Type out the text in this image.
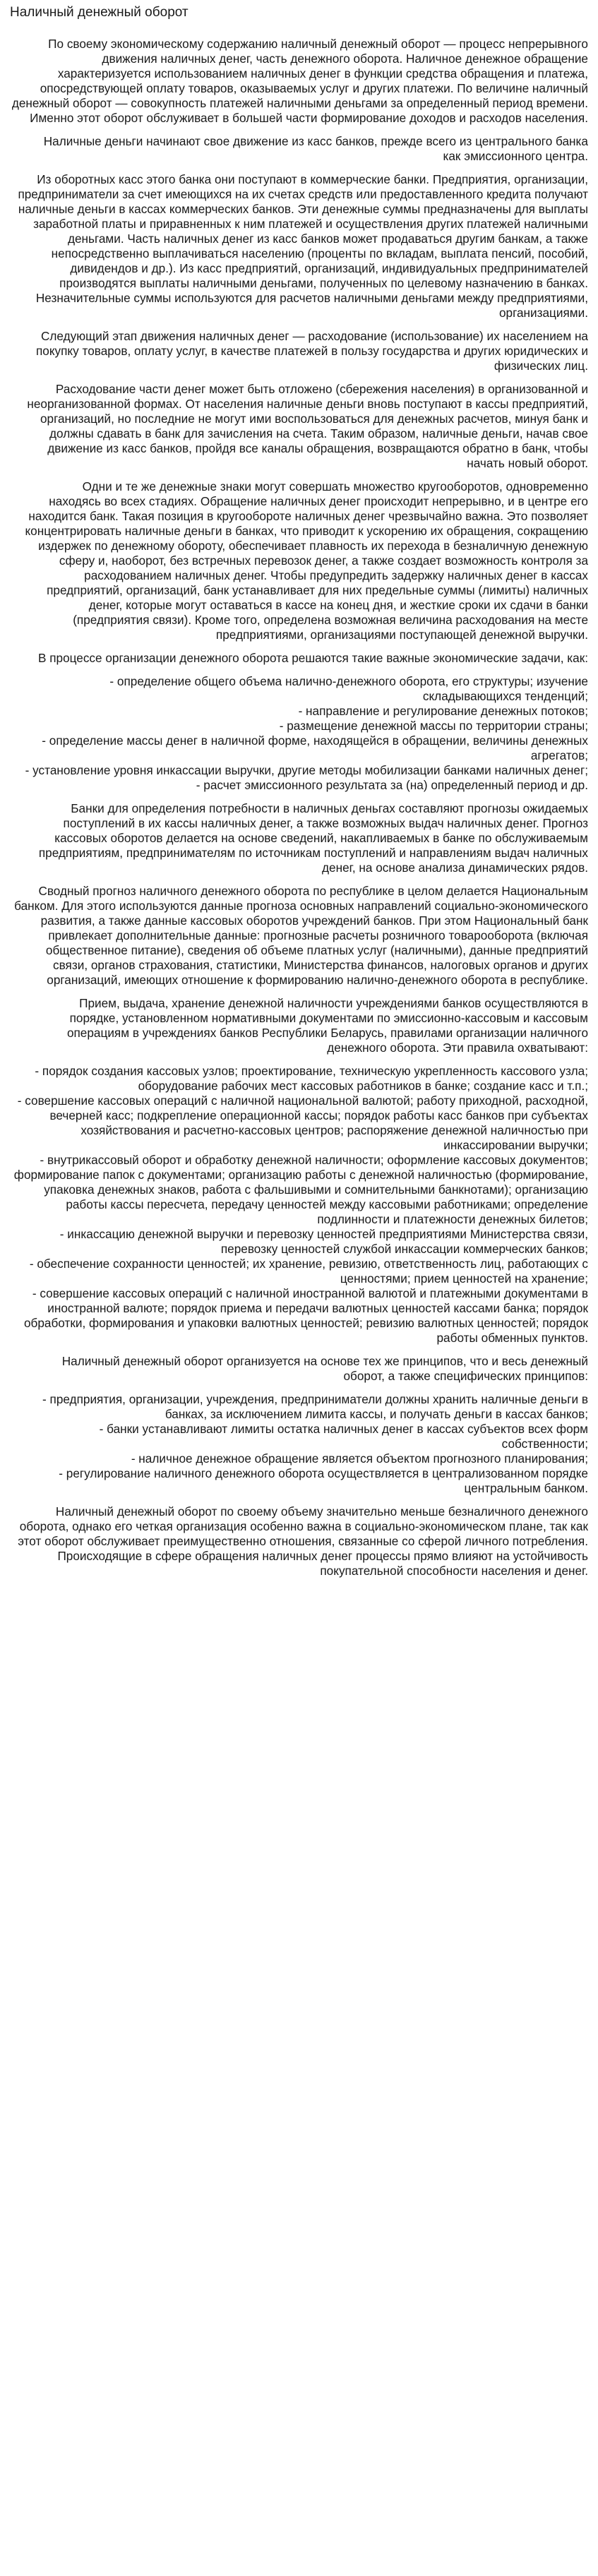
Наличный денежный оборот

По своему экономическому содержанию наличный денежный оборот — процесс непрерывного движения наличных денег, часть денежного оборота. Наличное денежное обращение характеризуется использованием наличных денег в функции средства обращения и платежа, опосредствующей оплату товаров, оказываемых услуг и других платежи. По величине наличный денежный оборот — совокупность платежей наличными деньгами за определенный период времени. Именно этот оборот обслуживает в большей части формирование доходов и расходов населения.

Наличные деньги начинают свое движение из касс банков, прежде всего из центрального банка как эмиссионного центра.

Из оборотных касс этого банка они поступают в коммерческие банки. Предприятия, организации, предприниматели за счет имеющихся на их счетах средств или предоставленного кредита получают наличные деньги в кассах коммерческих банков. Эти денежные суммы предназначены для выплаты заработной платы и приравненных к ним платежей и осуществления других платежей наличными деньгами. Часть наличных денег из касс банков может продаваться другим банкам, а также непосредственно выплачиваться населению (проценты по вкладам, выплата пенсий, пособий, дивидендов и др.). Из касс предприятий, организаций, индивидуальных предпринимателей производятся выплаты наличными деньгами, полученных по целевому назначению в банках. Незначительные суммы используются для расчетов наличными деньгами между предприятиями, организациями.

Следующий этап движения наличных денег — расходование (использование) их населением на покупку товаров, оплату услуг, в качестве платежей в пользу государства и других юридических и физических лиц.

Расходование части денег может быть отложено (сбережения населения) в организованной и неорганизованной формах. От населения наличные деньги вновь поступают в кассы предприятий, организаций, но последние не могут ими воспользоваться для денежных расчетов, минуя банк и должны сдавать в банк для зачисления на счета. Таким образом, наличные деньги, начав свое движение из касс банков, пройдя все каналы обращения, возвращаются обратно в банк, чтобы начать новый оборот.

Одни и те же денежные знаки могут совершать множество кругооборотов, одновременно находясь во всех стадиях. Обращение наличных денег происходит непрерывно, и в центре его находится банк. Такая позиция в кругообороте наличных денег чрезвычайно важна. Это позволяет концентрировать наличные деньги в банках, что приводит к ускорению их обращения, сокращению издержек по денежному обороту, обеспечивает плавность их перехода в безналичную денежную сферу и, наоборот, без встречных перевозок денег, а также создает возможность контроля за расходованием наличных денег. Чтобы предупредить задержку наличных денег в кассах предприятий, организаций, банк устанавливает для них предельные суммы (лимиты) наличных денег, которые могут оставаться в кассе на конец дня, и жесткие сроки их сдачи в банки (предприятия связи). Кроме того, определена возможная величина расходования на месте предприятиями, организациями поступающей денежной выручки.

В процессе организации денежного оборота решаются такие важные экономические задачи, как:

- определение общего объема налично-денежного оборота, его структуры; изучение складывающихся тенденций;
- направление и регулирование денежных потоков;
- размещение денежной массы по территории страны;
- определение массы денег в наличной форме, находящейся в обращении, величины денежных агрегатов;
- установление уровня инкассации выручки, другие методы мобилизации банками наличных денег;
- расчет эмиссионного результата за (на) определенный период и др.

Банки для определения потребности в наличных деньгах составляют прогнозы ожидаемых поступлений в их кассы наличных денег, а также возможных выдач наличных денег. Прогноз кассовых оборотов делается на основе сведений, накапливаемых в банке по обслуживаемым предприятиям, предпринимателям по источникам поступлений и направлениям выдач наличных денег, на основе анализа динамических рядов.

Сводный прогноз наличного денежного оборота по республике в целом делается Национальным банком. Для этого используются данные прогноза основных направлений социально-экономического развития, а также данные кассовых оборотов учреждений банков. При этом Национальный банк привлекает дополнительные данные: прогнозные расчеты розничного товарооборота (включая общественное питание), сведения об объеме платных услуг (наличными), данные предприятий связи, органов страхования, статистики, Министерства финансов, налоговых органов и других организаций, имеющих отношение к формированию налично-денежного оборота в республике.

Прием, выдача, хранение денежной наличности учреждениями банков осуществляются в порядке, установленном нормативными документами по эмиссионно-кассовым и кассовым операциям в учреждениях банков Республики Беларусь, правилами организации наличного денежного оборота. Эти правила охватывают:

- порядок создания кассовых узлов; проектирование, техническую укрепленность кассового узла; оборудование рабочих мест кассовых работников в банке; создание касс и т.п.;
- совершение кассовых операций с наличной национальной валютой; работу приходной, расходной, вечерней касс; подкрепление операционной кассы; порядок работы касс банков при субъектах хозяйствования и расчетно-кассовых центров; распоряжение денежной наличностью при инкассировании выручки;
- внутрикассовый оборот и обработку денежной наличности; оформление кассовых документов; формирование папок с документами; организацию работы с денежной наличностью (формирование, упаковка денежных знаков, работа с фальшивыми и сомнительными банкнотами); организацию работы кассы пересчета, передачу ценностей между кассовыми работниками; определение подлинности и платежности денежных билетов;
- инкассацию денежной выручки и перевозку ценностей предприятиями Министерства связи, перевозку ценностей службой инкассации коммерческих банков;
- обеспечение сохранности ценностей; их хранение, ревизию, ответственность лиц, работающих с ценностями; прием ценностей на хранение;
- совершение кассовых операций с наличной иностранной валютой и платежными документами в иностранной валюте; порядок приема и передачи валютных ценностей кассами банка; порядок обработки, формирования и упаковки валютных ценностей; ревизию валютных ценностей; порядок работы обменных пунктов.

Наличный денежный оборот организуется на основе тех же принципов, что и весь денежный оборот, а также специфических принципов:

- предприятия, организации, учреждения, предприниматели должны хранить наличные деньги в банках, за исключением лимита кассы, и получать деньги в кассах банков;
- банки устанавливают лимиты остатка наличных денег в кассах субъектов всех форм собственности;
- наличное денежное обращение является объектом прогнозного планирования;
- регулирование наличного денежного оборота осуществляется в централизованном порядке центральным банком.

Наличный денежный оборот по своему объему значительно меньше безналичного денежного оборота, однако его четкая организация особенно важна в социально-экономическом плане, так как этот оборот обслуживает преимущественно отношения, связанные со сферой личного потребления. Происходящие в сфере обращения наличных денег процессы прямо влияют на устойчивость покупательной способности населения и денег.
